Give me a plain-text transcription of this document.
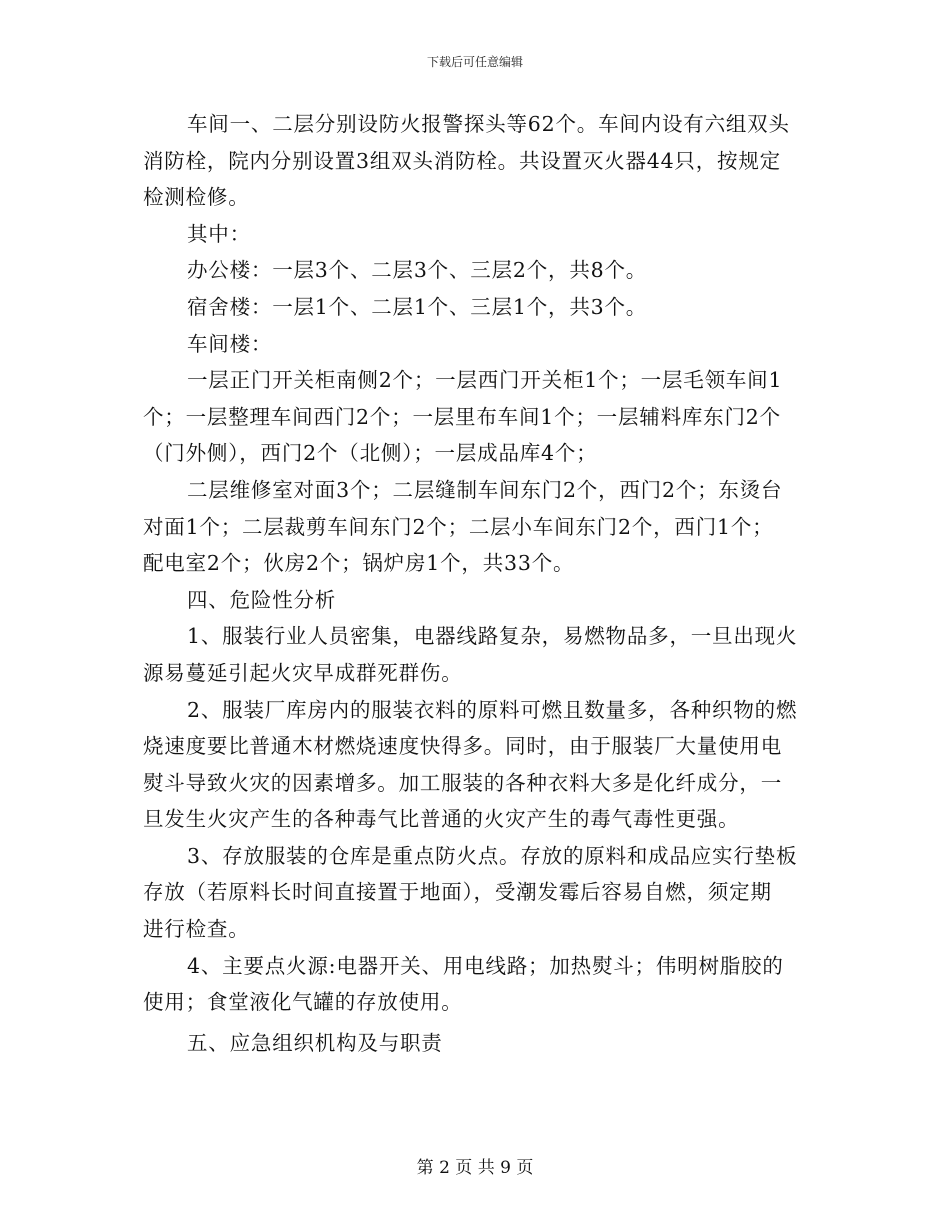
下载后可任意编辑

车间一、二层分别设防火报警探头等62个。车间内设有六组双头

消防栓，院内分别设置3组双头消防栓。共设置灭火器44只，按规定

检测检修。

其中：

办公楼：一层3个、二层3个、三层2个，共8个。

宿舍楼：一层1个、二层1个、三层1个，共3个。

车间楼：

一层正门开关柜南侧2个；一层西门开关柜1个；一层毛领车间1

个；一层整理车间西门2个；一层里布车间1个；一层辅料库东门2个

（门外侧），西门2个（北侧）；一层成品库4个；

二层维修室对面3个；二层缝制车间东门2个，西门2个；东烫台

对面1个；二层裁剪车间东门2个；二层小车间东门2个，西门1个；

配电室2个；伙房2个；锅炉房1个，共33个。

四、危险性分析

1、服装行业人员密集，电器线路复杂，易燃物品多，一旦出现火

源易蔓延引起火灾早成群死群伤。

2、服装厂库房内的服装衣料的原料可燃且数量多，各种织物的燃

烧速度要比普通木材燃烧速度快得多。同时，由于服装厂大量使用电

熨斗导致火灾的因素增多。加工服装的各种衣料大多是化纤成分，一

旦发生火灾产生的各种毒气比普通的火灾产生的毒气毒性更强。

3、存放服装的仓库是重点防火点。存放的原料和成品应实行垫板

存放（若原料长时间直接置于地面），受潮发霉后容易自燃，须定期

进行检查。

4、主要点火源:电器开关、用电线路；加热熨斗；伟明树脂胶的

使用；食堂液化气罐的存放使用。

五、应急组织机构及与职责

第 2 页 共 9 页
